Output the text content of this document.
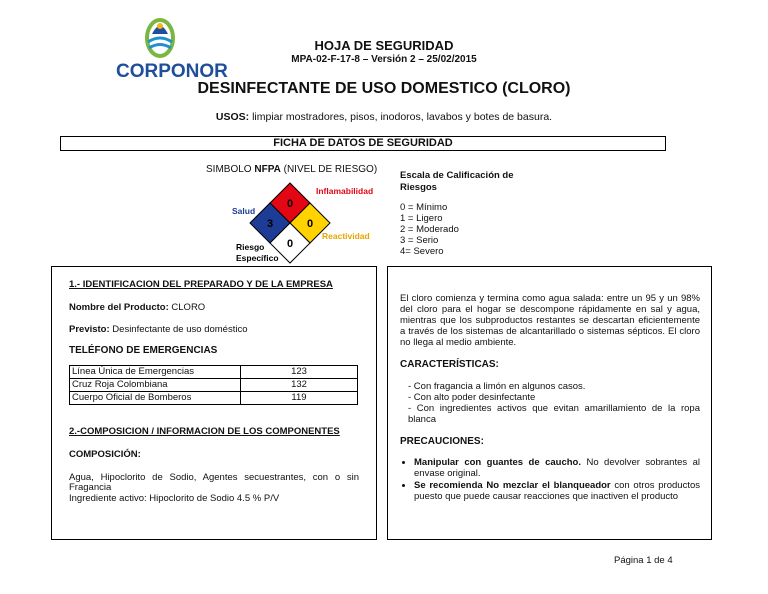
CORPONOR
HOJA DE SEGURIDAD
MPA-02-F-17-8 – Versión 2 – 25/02/2015
DESINFECTANTE DE USO DOMESTICO (CLORO)
USOS: limpiar mostradores, pisos, inodoros, lavabos y botes de basura.
FICHA DE DATOS DE SEGURIDAD
SIMBOLO NFPA (NIVEL DE RIESGO)
0
3	0
0
Inflamabilidad
Salud
Reactividad
Riesgo
Específico
Escala de Calificación de Riesgos
0 = Mínimo
1 = Ligero
2 = Moderado
3 = Serio
4= Severo
1.- IDENTIFICACION DEL PREPARADO Y DE LA EMPRESA
Nombre del Producto: CLORO
Previsto: Desinfectante de uso doméstico
TELÉFONO DE EMERGENCIAS
Línea Única de Emergencias	123
Cruz Roja Colombiana	132
Cuerpo Oficial de Bomberos	119
2.-COMPOSICION / INFORMACION DE LOS COMPONENTES
COMPOSICIÓN:
Agua, Hipoclorito de Sodio, Agentes secuestrantes, con o sin Fragancia
Ingrediente activo: Hipoclorito de Sodio 4.5 % P/V
El cloro comienza y termina como agua salada: entre un 95 y un 98% del cloro para el hogar se descompone rápidamente en sal y agua, mientras que los subproductos restantes se descartan eficientemente a través de los sistemas de alcantarillado o sistemas sépticos. El cloro no llega al medio ambiente.
CARACTERÍSTICAS:
- Con fragancia a limón en algunos casos.
- Con alto poder desinfectante
- Con ingredientes activos que evitan amarillamiento de la ropa blanca
PRECAUCIONES:
• Manipular con guantes de caucho. No devolver sobrantes al envase original.
• Se recomienda No mezclar el blanqueador con otros productos puesto que puede causar reacciones que inactiven el producto
Página 1 de 4
